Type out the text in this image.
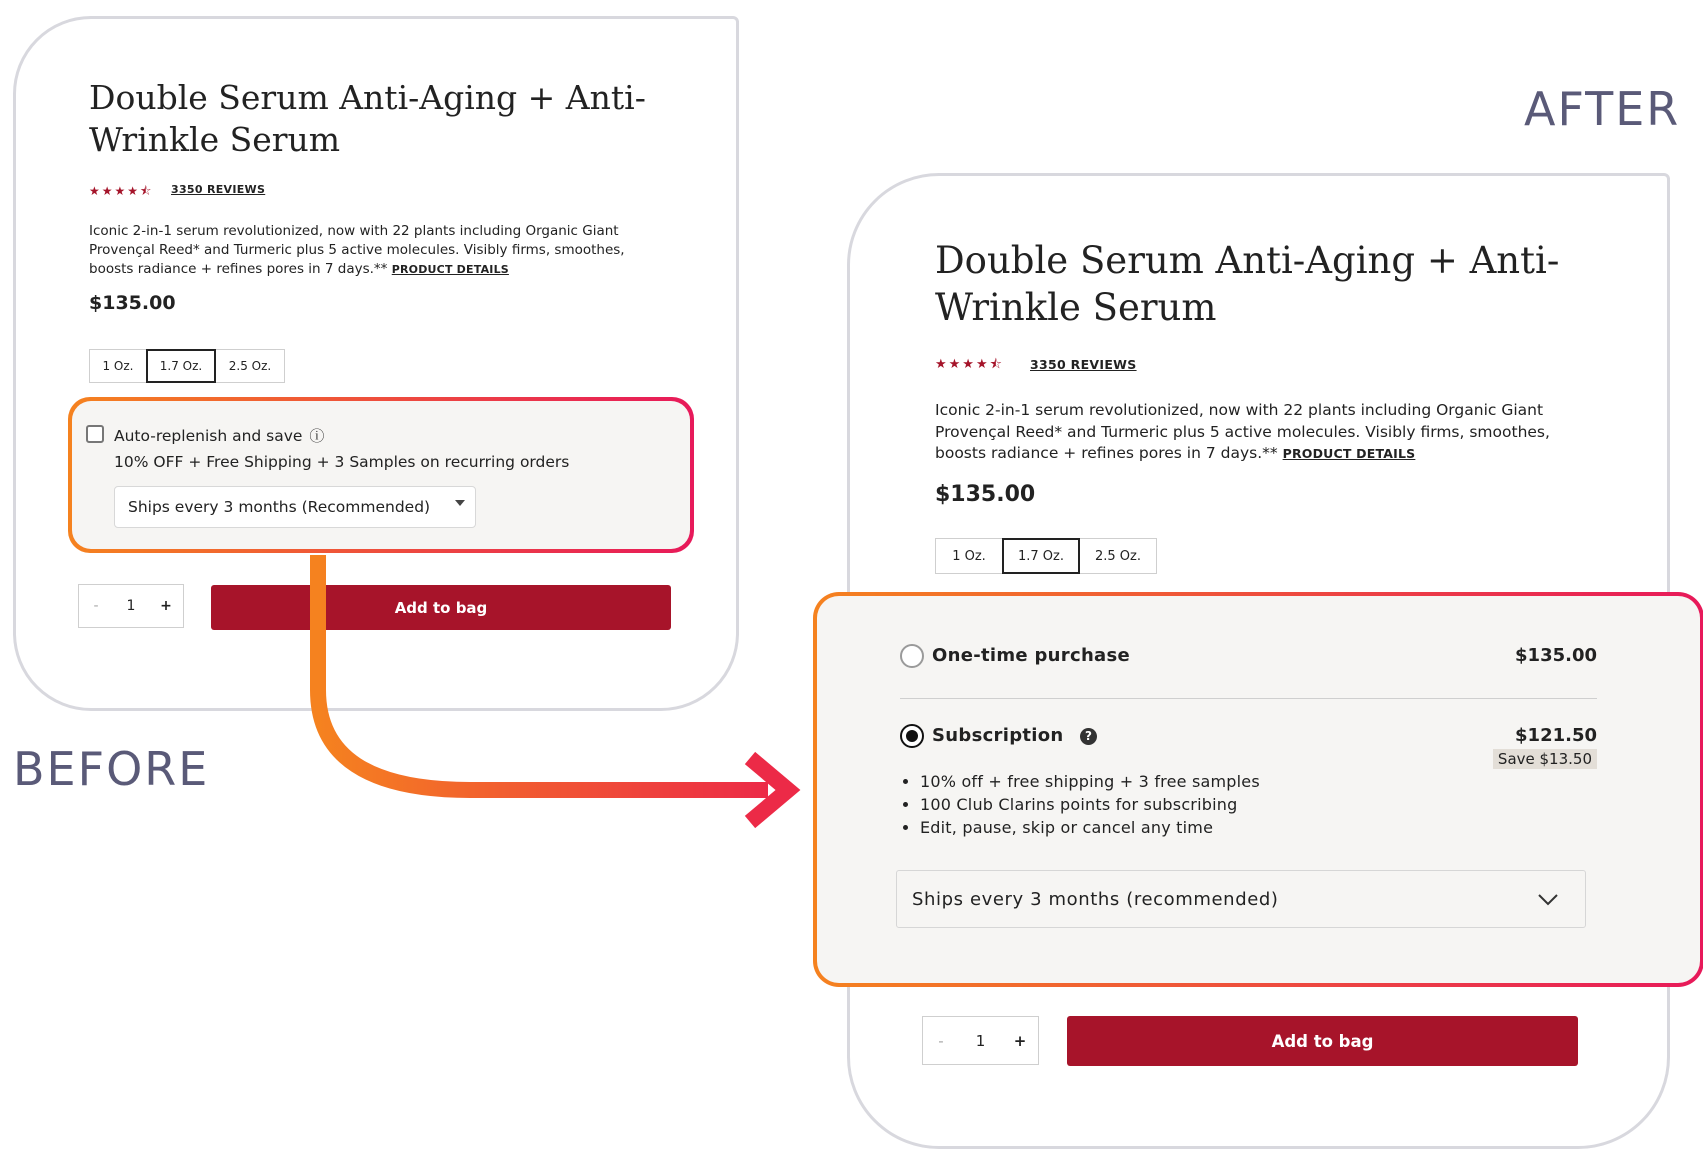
AFTER
BEFORE
Double Serum Anti-Aging + Anti-
Wrinkle Serum
★★★★⯪ 3350 REVIEWS

Iconic 2-in-1 serum revolutionized, now with 22 plants including Organic Giant Provençal Reed* and Turmeric plus 5 active molecules. Visibly firms, smoothes, boosts radiance + refines pores in 7 days.** PRODUCT DETAILS

$135.00
1 Oz.	1.7 Oz.	2.5 Oz.
Auto-replenish and save ⓘ
10% OFF + Free Shipping + 3 Samples on recurring orders
Ships every 3 months (Recommended)
-	1	+	Add to bag
Double Serum Anti-Aging + Anti-
Wrinkle Serum
★★★★⯪ 3350 REVIEWS

Iconic 2-in-1 serum revolutionized, now with 22 plants including Organic Giant Provençal Reed* and Turmeric plus 5 active molecules. Visibly firms, smoothes, boosts radiance + refines pores in 7 days.** PRODUCT DETAILS

$135.00
1 Oz.	1.7 Oz.	2.5 Oz.
One-time purchase	$135.00
Subscription ?	$121.50
Save $13.50
• 10% off + free shipping + 3 free samples
• 100 Club Clarins points for subscribing
• Edit, pause, skip or cancel any time
Ships every 3 months (recommended)
-	1	+	Add to bag
